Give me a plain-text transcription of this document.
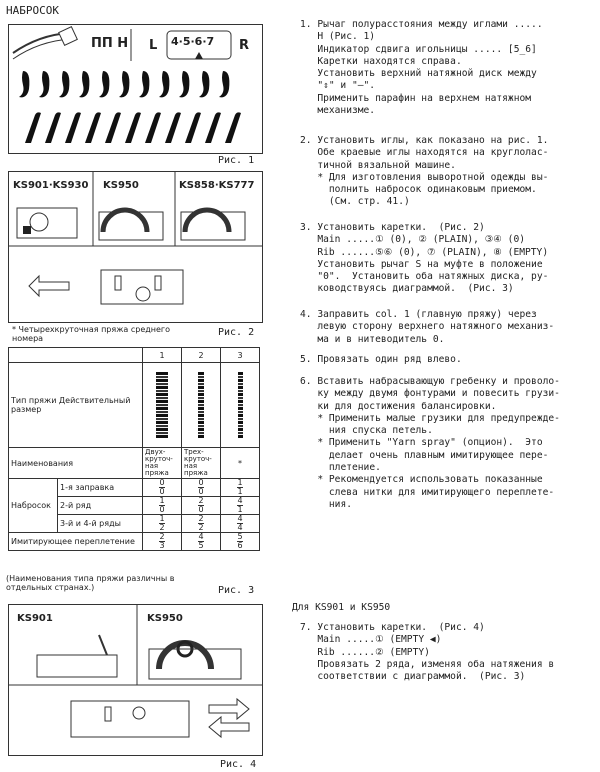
НАБРОСОК
ΠΠ H L 4·5·6·7 R
Рис. 1
KS901·KS930 KS950	KS858·KS777
* Четырехкруточная пряжа среднего номера
Рис. 2
		1	2	3
Тип пряжи Действительный размер		

Наименования		Двух-круточ-ная пряжа	Трех-круточ-ная пряжа	*
Набросок	1-я заправка	$\frac{0}{0}$	$\frac{0}{0}$	$\frac{1}{1}$
	2-й ряд	$\frac{1}{0}$	$\frac{2}{0}$	$\frac{4}{1}$
	3-й и 4-й ряды	$\frac{1}{2}$	$\frac{2}{2}$	$\frac{4}{4}$
Имитирующее переплетение		$\frac{2}{3}$	$\frac{4}{5}$	$\frac{5}{6}$
(Наименования типа пряжи различны в отдельных странах.)	Рис. 3
KS901	KS950
Рис. 4
1. Рычаг полурасстояния между иглами .....
H (Рис. 1)
Индикатор сдвига игольницы ..... [5̲6]
Каретки находятся справа.
Установить верхний натяжной диск между
"⇕" и "—".
Применить парафин на верхнем натяжном
механизме.
2. Установить иглы, как показано на рис. 1.
Обе краевые иглы находятся на круглолас-
тичной вязальной машине.
* Для изготовления вывoротной одежды вы-
полнить набросок одинаковым приемом.
(См. стр. 41.)
3. Установить каретки.  (Рис. 2)
Main .....① (0), ② (PLAIN), ③④ (0)
Rib ......⑤⑥ (0), ⑦ (PLAIN), ⑧ (EMPTY)
Установить рычаг S на муфте в положение
"0".  Установить оба натяжных диска, ру-
ководствуясь диаграммой.  (Рис. 3)
4. Заправить col. 1 (главную пряжу) через
левую сторону верхнего натяжного механиз-
ма и в нитеводитель 0.
5. Провязать один ряд влево.
6. Вставить набрасывающую гребенку и проволо-
ку между двумя фонтурами и повесить грузи-
ки для достижения балансировки.
* Применить малые грузики для предупрежде-
ния спуска петель.
* Применить "Yarn spray" (опцион).  Это
делает очень плавным имитирующее пере-
плетение.
* Рекомендуется использовать показанные
слева нитки для имитирующего переплете-
ния.
Для KS901 и KS950
7. Установить каретки.  (Рис. 4)
Main .....① (EMPTY ◀)
Rib ......② (EMPTY)
Провязать 2 ряда, изменяя оба натяжения в
соответствии с диаграммой.  (Рис. 3)
